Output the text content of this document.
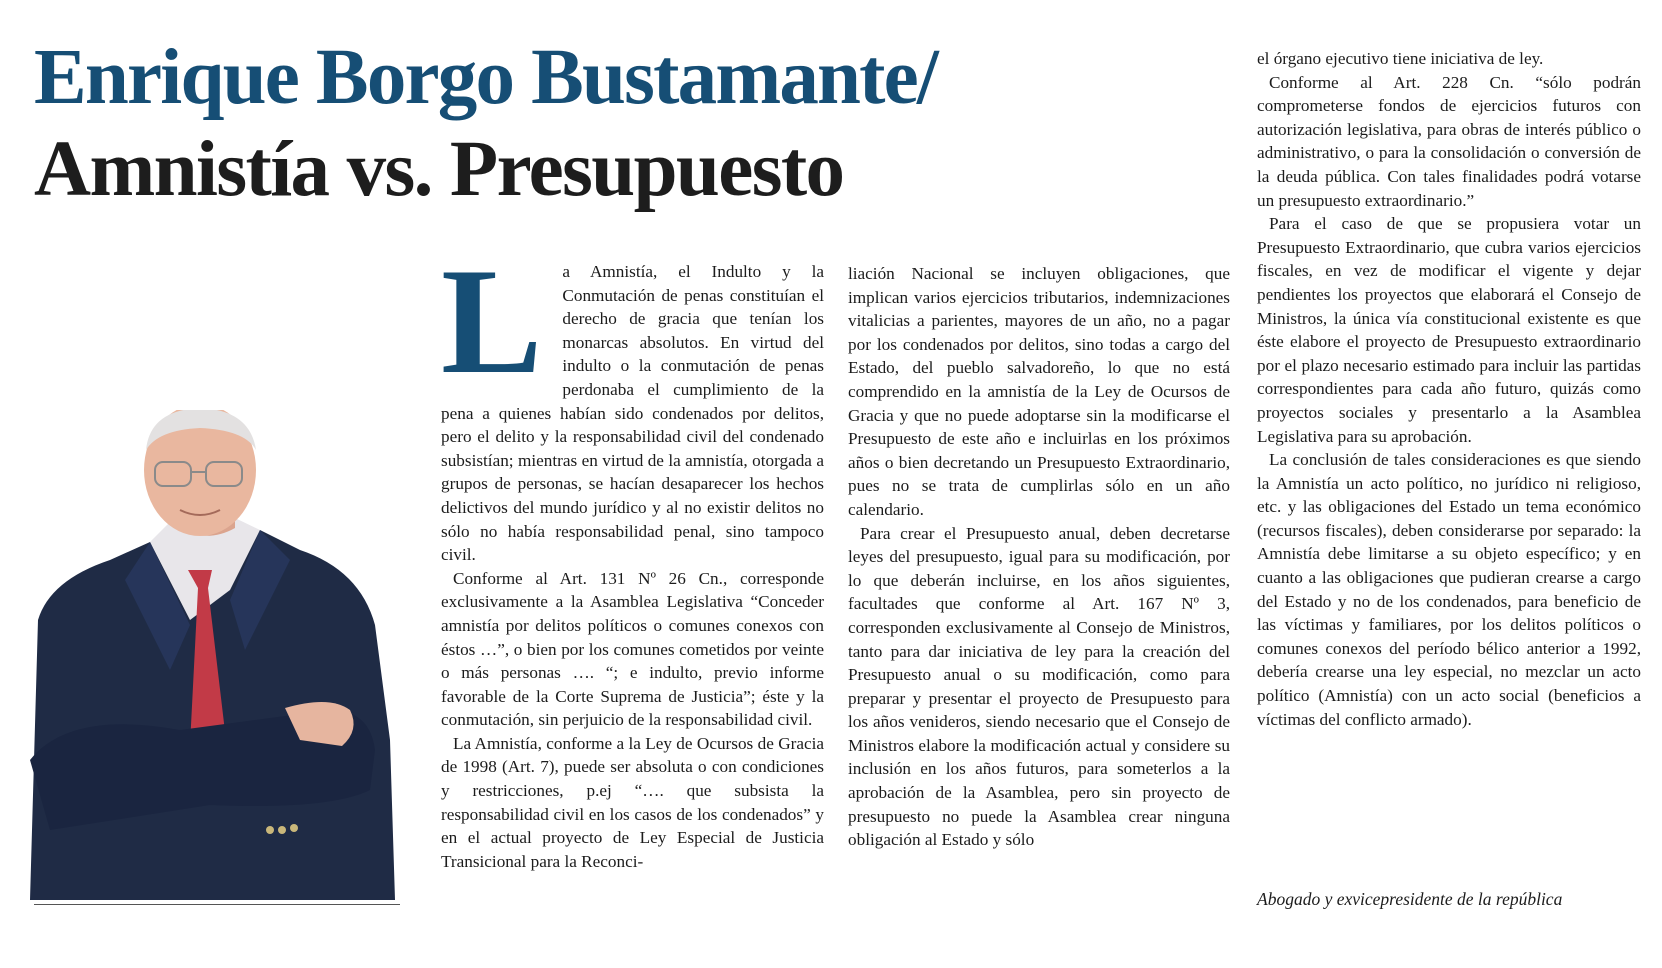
Enrique Borgo Bustamante/
Amnistía vs. Presupuesto
L	a Amnistía, el Indulto y la Conmutación de penas constituían el derecho de gracia que tenían los monarcas absolutos. En virtud del indulto o la conmutación de penas perdonaba el cumplimiento de la pena a quienes habían sido condenados por delitos, pero el delito y la responsabilidad civil del condenado subsistían; mientras en virtud de la amnistía, otorgada a grupos de personas, se hacían desaparecer los hechos delictivos del mundo jurídico y al no existir delitos no sólo no había responsabilidad penal, sino tampoco civil.

Conforme al Art. 131 Nº 26 Cn., corresponde exclusivamente a la Asamblea Legislativa “Conceder amnistía por delitos políticos o comunes conexos con éstos …”, o bien por los comunes cometidos por veinte o más personas …. “; e indulto, previo informe favorable de la Corte Suprema de Justicia”; éste y la conmutación, sin perjuicio de la responsabilidad civil.

La Amnistía, conforme a la Ley de Ocursos de Gracia de 1998 (Art. 7), puede ser absoluta o con condiciones y restricciones, p.ej “…. que subsista la responsabilidad civil en los casos de los condenados” y en el actual proyecto de Ley Especial de Justicia Transicional para la Reconci-

liación Nacional se incluyen obligaciones, que implican varios ejercicios tributarios, indemnizaciones vitalicias a parientes, mayores de un año, no a pagar por los condenados por delitos, sino todas a cargo del Estado, del pueblo salvadoreño, lo que no está comprendido en la amnistía de la Ley de Ocursos de Gracia y que no puede adoptarse sin la modificarse el Presupuesto de este año e incluirlas en los próximos años o bien decretando un Presupuesto Extraordinario, pues no se trata de cumplirlas sólo en un año calendario.

Para crear el Presupuesto anual, deben decretarse leyes del presupuesto, igual para su modificación, por lo que deberán incluirse, en los años siguientes, facultades que conforme al Art. 167 Nº 3, corresponden exclusivamente al Consejo de Ministros, tanto para dar iniciativa de ley para la creación del Presupuesto anual o su modificación, como para preparar y presentar el proyecto de Presupuesto para los años venideros, siendo necesario que el Consejo de Ministros elabore la modificación actual y considere su inclusión en los años futuros, para someterlos a la aprobación de la Asamblea, pero sin proyecto de presupuesto no puede la Asamblea crear ninguna obligación al Estado y sólo

el órgano ejecutivo tiene iniciativa de ley.

Conforme al Art. 228 Cn. “sólo podrán comprometerse fondos de ejercicios futuros con autorización legislativa, para obras de interés público o administrativo, o para la consolidación o conversión de la deuda pública. Con tales finalidades podrá votarse un presupuesto extraordinario.”

Para el caso de que se propusiera votar un Presupuesto Extraordinario, que cubra varios ejercicios fiscales, en vez de modificar el vigente y dejar pendientes los proyectos que elaborará el Consejo de Ministros, la única vía constitucional existente es que éste elabore el proyecto de Presupuesto extraordinario por el plazo necesario estimado para incluir las partidas correspondientes para cada año futuro, quizás como proyectos sociales y presentarlo a la Asamblea Legislativa para su aprobación.

La conclusión de tales consideraciones es que siendo la Amnistía un acto político, no jurídico ni religioso, etc. y las obligaciones del Estado un tema económico (recursos fiscales), deben considerarse por separado: la Amnistía debe limitarse a su objeto específico; y en cuanto a las obligaciones que pudieran crearse a cargo del Estado y no de los condenados, para beneficio de las víctimas y familiares, por los delitos políticos o comunes conexos del período bélico anterior a 1992, debería crearse una ley especial, no mezclar un acto político (Amnistía) con un acto social (beneficios a víctimas del conflicto armado).

Abogado y exvicepresidente de la república
